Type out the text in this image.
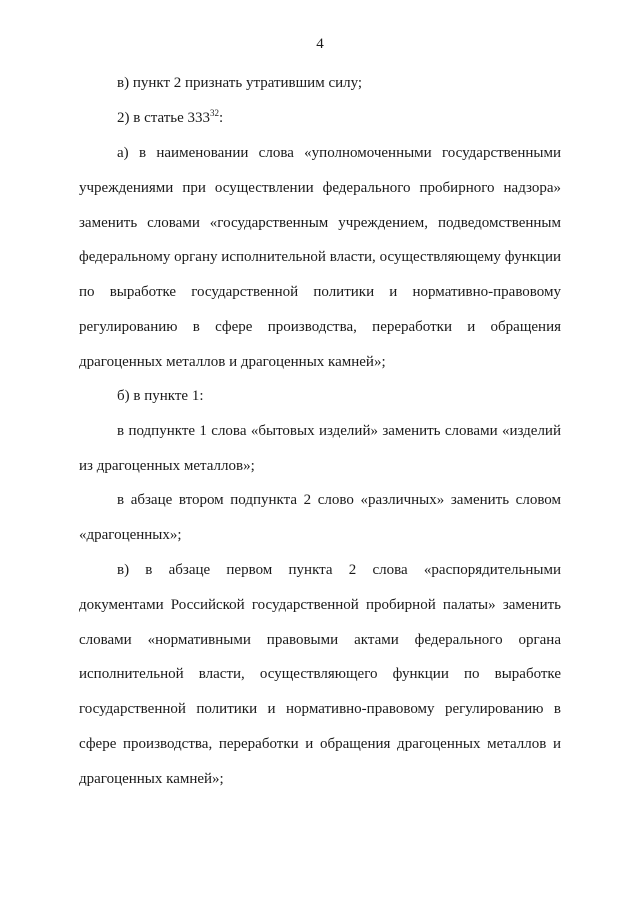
4

в) пункт 2 признать утратившим силу;

2) в статье $333^{32}$:

а) в наименовании слова «уполномоченными государственными учреждениями при осуществлении федерального пробирного надзора» заменить словами «государственным учреждением, подведомственным федеральному органу исполнительной власти, осуществляющему функции по выработке государственной политики и нормативно-правовому регулированию в сфере производства, переработки и обращения драгоценных металлов и драгоценных камней»;

б) в пункте 1:

в подпункте 1 слова «бытовых изделий» заменить словами «изделий из драгоценных металлов»;

в абзаце втором подпункта 2 слово «различных» заменить словом «драгоценных»;

в) в абзаце первом пункта 2 слова «распорядительными документами Российской государственной пробирной палаты» заменить словами «нормативными правовыми актами федерального органа исполнительной власти, осуществляющего функции по выработке государственной политики и нормативно-правовому регулированию в сфере производства, переработки и обращения драгоценных металлов и драгоценных камней»;
